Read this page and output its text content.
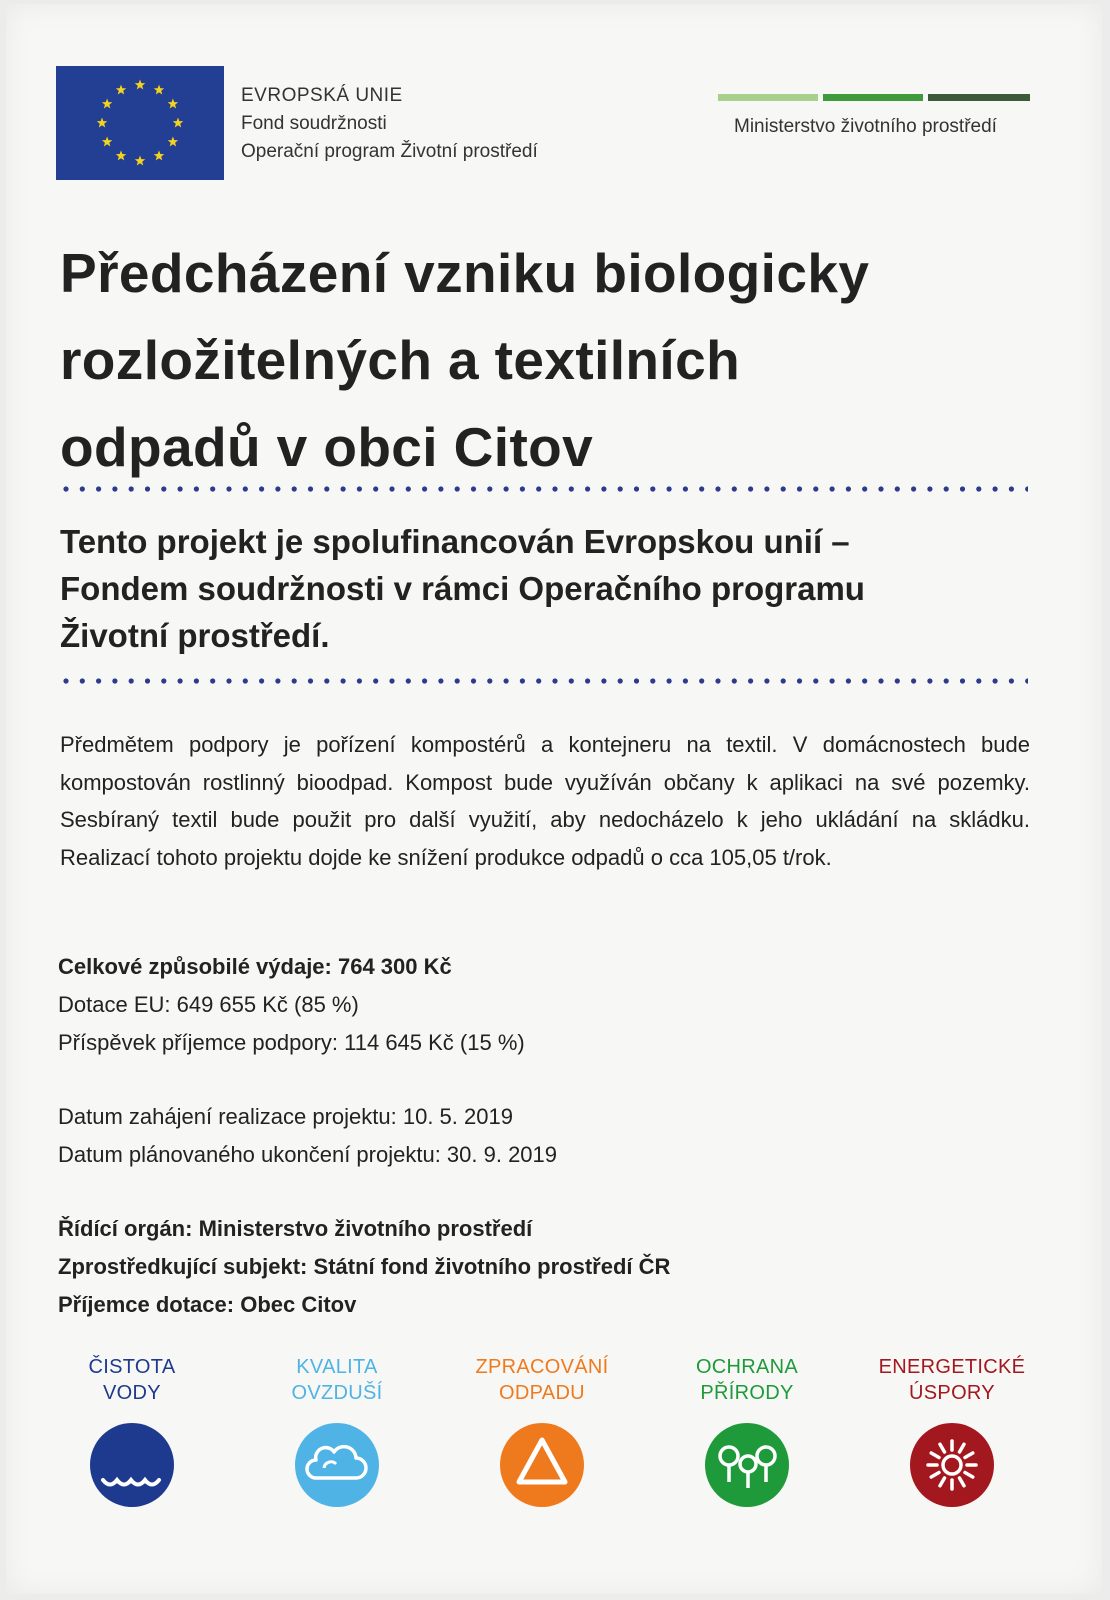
EVROPSKÁ UNIE
Fond soudržnosti
Operační program Životní prostředí
Ministerstvo životního prostředí
Předcházení vzniku biologicky
rozložitelných a textilních
odpadů v obci Citov
Tento projekt je spolufinancován Evropskou unií –
Fondem soudržnosti v rámci Operačního programu
Životní prostředí.

Předmětem podpory je pořízení kompostérů a kontejneru na textil. V domácnostech bude kompostován rostlinný bioodpad. Kompost bude využíván občany k aplikaci na své pozemky. Sesbíraný textil bude použit pro další využití, aby nedocházelo k jeho ukládání na skládku. Realizací tohoto projektu dojde ke snížení produkce odpadů o cca 105,05 t/rok.

Celkové způsobilé výdaje: 764 300 Kč
Dotace EU: 649 655 Kč (85 %)
Příspěvek příjemce podpory: 114 645 Kč (15 %)
Datum zahájení realizace projektu: 10. 5. 2019
Datum plánovaného ukončení projektu: 30. 9. 2019
Řídící orgán: Ministerstvo životního prostředí
Zprostředkující subjekt: Státní fond životního prostředí ČR
Příjemce dotace: Obec Citov
ČISTOTA
VODY
KVALITA
OVZDUŠÍ
ZPRACOVÁNÍ
ODPADU
OCHRANA
PŘÍRODY
ENERGETICKÉ
ÚSPORY
